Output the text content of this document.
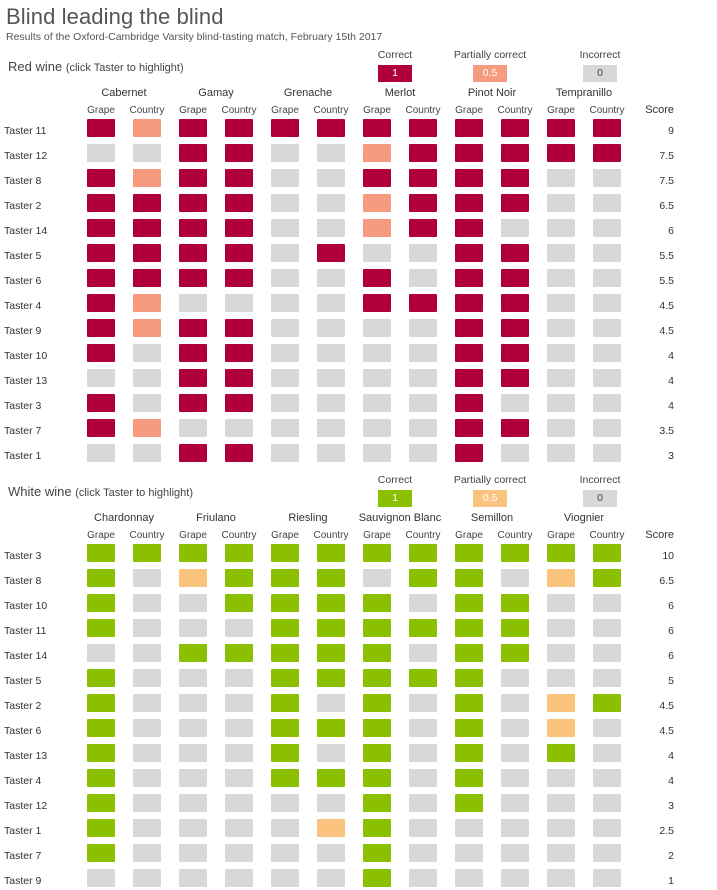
Blind leading the blind
Results of the Oxford-Cambridge Varsity blind-tasting match, February 15th 2017
Correct
1
Partially correct
0.5
Incorrect
0
Red wine (click Taster to highlight)
	Cabernet		Gamay		Grenache		Merlot		Pinot Noir		Tempranillo		
	Grape	Country	Grape	Country	Grape	Country	Grape	Country	Grape	Country	Grape	Country	Score
Taster 11													9
Taster 12													7.5
Taster 8													7.5
Taster 2													6.5
Taster 14													6
Taster 5													5.5
Taster 6													5.5
Taster 4													4.5
Taster 9													4.5
Taster 10													4
Taster 13													4
Taster 3													4
Taster 7													3.5
Taster 1													3
Correct
1
Partially correct
0.5
Incorrect
0
White wine (click Taster to highlight)
	Chardonnay		Friulano		Riesling		Sauvignon Blanc		Semillon		Viognier		
	Grape	Country	Grape	Country	Grape	Country	Grape	Country	Grape	Country	Grape	Country	Score
Taster 3													10
Taster 8													6.5
Taster 10													6
Taster 11													6
Taster 14													6
Taster 5													5
Taster 2													4.5
Taster 6													4.5
Taster 13													4
Taster 4													4
Taster 12													3
Taster 1													2.5
Taster 7													2
Taster 9													1
